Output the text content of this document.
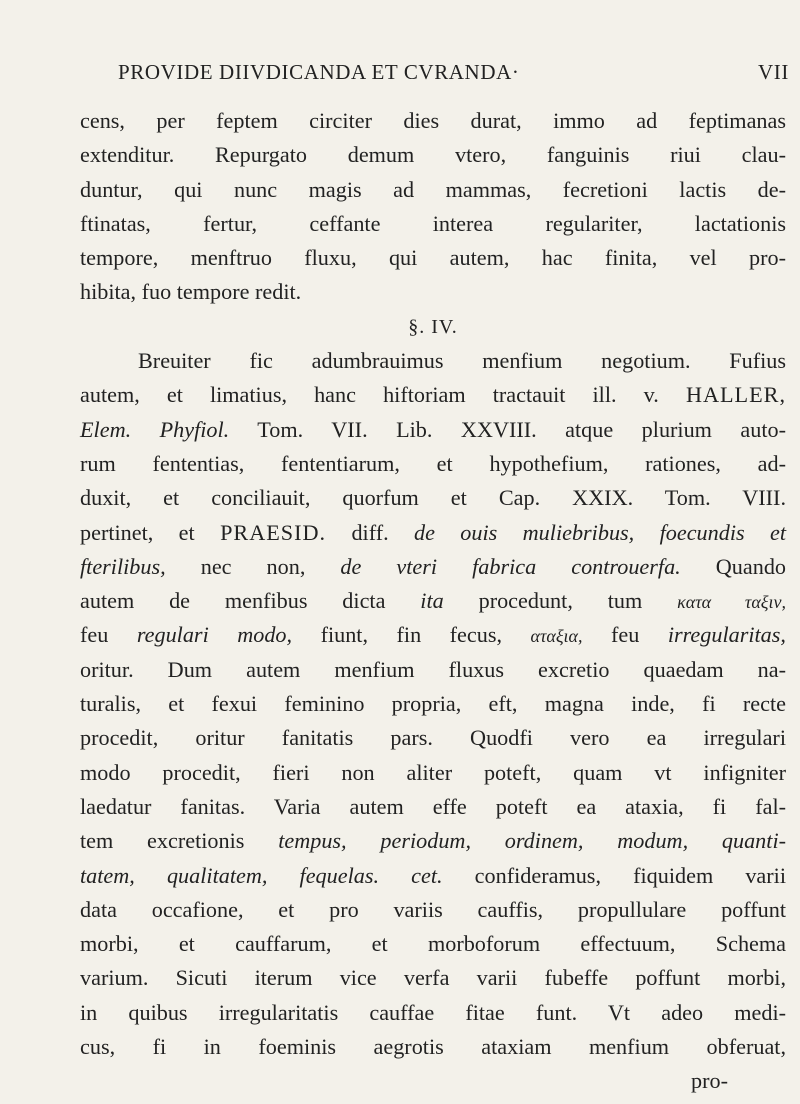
PROVIDE DIIVDICANDA ET CVRANDA·	VII
cens, per feptem circiter dies durat, immo ad feptimanas
extenditur. Repurgato demum vtero, fanguinis riui clau-
duntur, qui nunc magis ad mammas, fecretioni lactis de-
ftinatas, fertur, ceffante interea regulariter, lactationis
tempore, menftruo fluxu, qui autem, hac finita, vel pro-
hibita, fuo tempore redit.
§. IV.
Breuiter fic adumbrauimus menfium negotium. Fufius
autem, et limatius, hanc hiftoriam tractauit ill. v. HALLER,
Elem. Phyfiol. Tom. VII. Lib. XXVIII. atque plurium auto-
rum fententias, fententiarum, et hypothefium, rationes, ad-
duxit, et conciliauit, quorfum et Cap. XXIX. Tom. VIII.
pertinet, et PRAESID. diff. de ouis muliebribus, foecundis et
fterilibus, nec non, de vteri fabrica controuerfa. Quando
autem de menfibus dicta ita procedunt, tum κατα ταξιν,
feu regulari modo, fiunt, fin fecus, αταξια, feu irregularitas,
oritur. Dum autem menfium fluxus excretio quaedam na-
turalis, et fexui feminino propria, eft, magna inde, fi recte
procedit, oritur fanitatis pars. Quodfi vero ea irregulari
modo procedit, fieri non aliter poteft, quam vt infigniter
laedatur fanitas. Varia autem effe poteft ea ataxia, fi fal-
tem excretionis tempus, periodum, ordinem, modum, quanti-
tatem, qualitatem, fequelas. cet. confideramus, fiquidem varii
data occafione, et pro variis cauffis, propullulare poffunt
morbi, et cauffarum, et morboforum effectuum, Schema
varium. Sicuti iterum vice verfa varii fubeffe poffunt morbi,
in quibus irregularitatis cauffae fitae funt. Vt adeo medi-
cus, fi in foeminis aegrotis ataxiam menfium obferuat,
pro-
